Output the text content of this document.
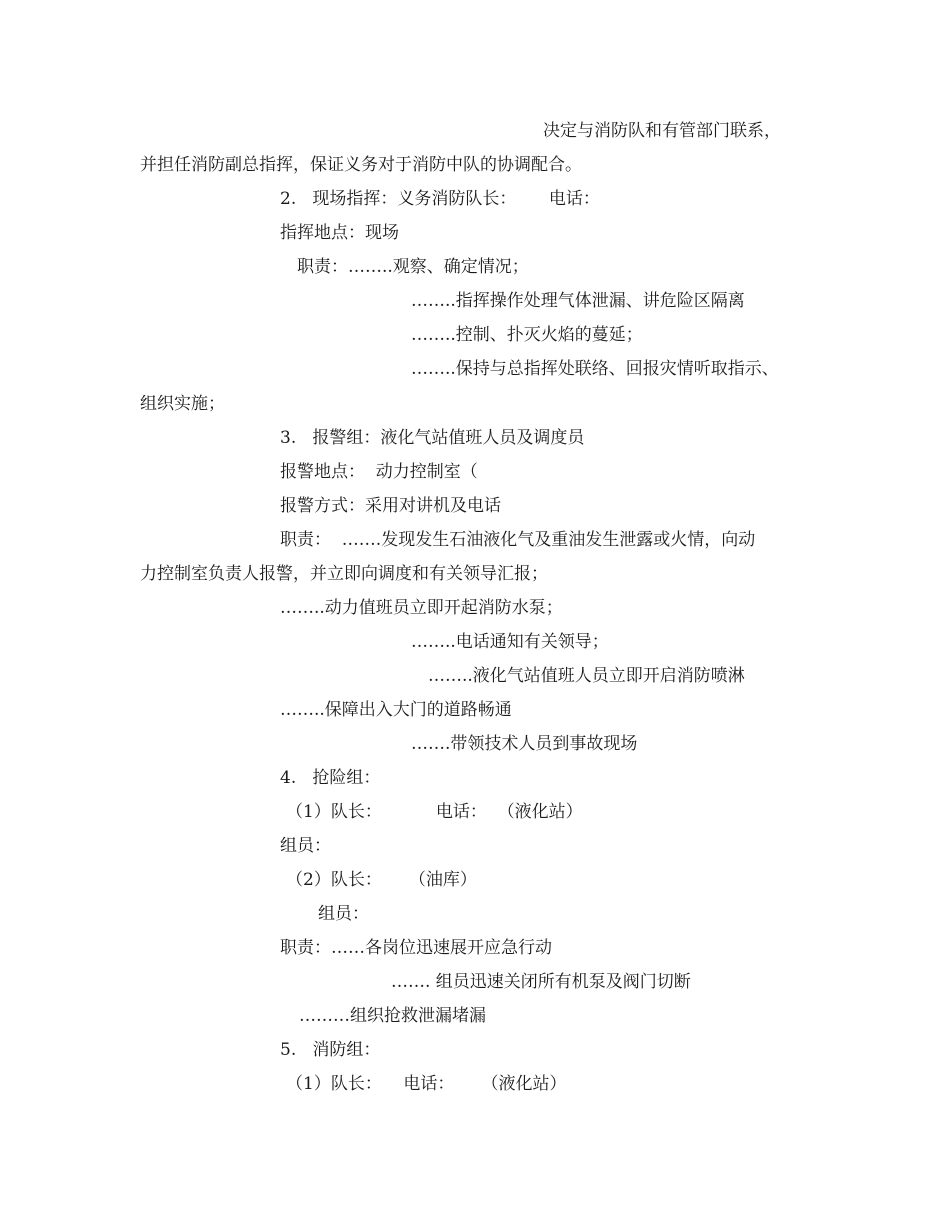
决定与消防队和有管部门联系，
并担任消防副总指挥，保证义务对于消防中队的协调配合。
2.   现场指挥：义务消防队长：      电话：
指挥地点：现场
职责：……..观察、确定情况；
……..指挥操作处理气体泄漏、讲危险区隔离
……..控制、扑灭火焰的蔓延；
……..保持与总指挥处联络、回报灾情听取指示、
组织实施；
3.   报警组：液化气站值班人员及调度员
报警地点：  动力控制室（
报警方式：采用对讲机及电话
职责：  …….发现发生石油液化气及重油发生泄露或火情，向动
力控制室负责人报警，并立即向调度和有关领导汇报；
……..动力值班员立即开起消防水泵；
……..电话通知有关领导；
……..液化气站值班人员立即开启消防喷淋
……..保障出入大门的道路畅通
…….带领技术人员到事故现场
4.   抢险组：
（1）队长：          电话：  （液化站）
组员：
（2）队长：     （油库）
组员：
职责：……各岗位迅速展开应急行动
……. 组员迅速关闭所有机泵及阀门切断
………组织抢救泄漏堵漏
5.   消防组：
（1）队长：    电话：     （液化站）
